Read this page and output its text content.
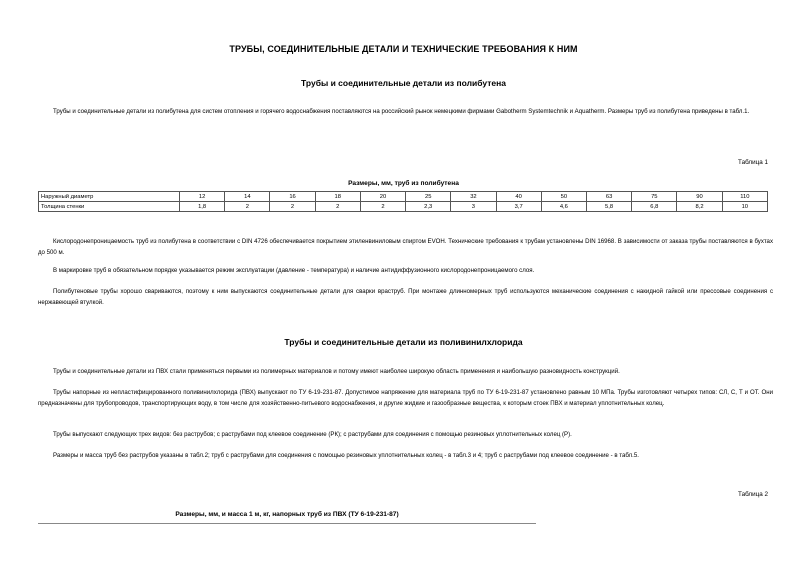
ТРУБЫ, СОЕДИНИТЕЛЬНЫЕ ДЕТАЛИ И ТЕХНИЧЕСКИЕ ТРЕБОВАНИЯ К НИМ
Трубы и соединительные детали из полибутена
Трубы и соединительные детали из полибутена для систем отопления и горячего водоснабжения поставляются на российский рынок немецкими фирмами Gabotherm Systemtechnik и Aquatherm. Размеры труб из полибутена приведены в табл.1.
Таблица 1
Размеры, мм, труб из полибутена
Наружный диаметр	12	14	16	18	20	25	32	40	50	63	75	90	110
Толщина стенки	1,8	2	2	2	2	2,3	3	3,7	4,6	5,8	6,8	8,2	10
Кислородонепроницаемость труб из полибутена в соответствии с DIN 4726 обеспечивается покрытием этиленвиниловым спиртом EVOH. Технические требования к трубам установлены DIN 16968. В зависимости от заказа трубы поставляются в бухтах до 500 м.
В маркировке труб в обязательном порядке указывается режим эксплуатации (давление - температура) и наличие антидиффузионного кислородонепроницаемого слоя.
Полибутеновые трубы хорошо свариваются, поэтому к ним выпускаются соединительные детали для сварки враструб. При монтаже длинномерных труб используются механические соединения с накидной гайкой или прессовые соединения с нержавеющей втулкой.
Трубы и соединительные детали из поливинилхлорида
Трубы и соединительные детали из ПВХ стали применяться первыми из полимерных материалов и потому имеют наиболее широкую область применения и наибольшую разновидность конструкций.
Трубы напорные из непластифицированного поливинилхлорида (ПВХ) выпускают по ТУ 6-19-231-87. Допустимое напряжение для материала труб по ТУ 6-19-231-87 установлено равным 10 МПа. Трубы изготовляют четырех типов: СЛ, С, Т и ОТ. Они предназначены для трубопроводов, транспортирующих воду, в том числе для хозяйственно-питьевого водоснабжения, и другие жидкие и газообразные вещества, к которым стоек ПВХ и материал уплотнительных колец.
Трубы выпускают следующих трех видов: без раструбов; с раструбами под клеевое соединение (РК); с раструбами для соединения с помощью резиновых уплотнительных колец (Р).
Размеры и масса труб без раструбов указаны в табл.2; труб с раструбами для соединения с помощью резиновых уплотнительных колец - в табл.3 и 4; труб с раструбами под клеевое соединение - в табл.5.
Таблица 2
Размеры, мм, и масса 1 м, кг, напорных труб из ПВХ (ТУ 6-19-231-87)
